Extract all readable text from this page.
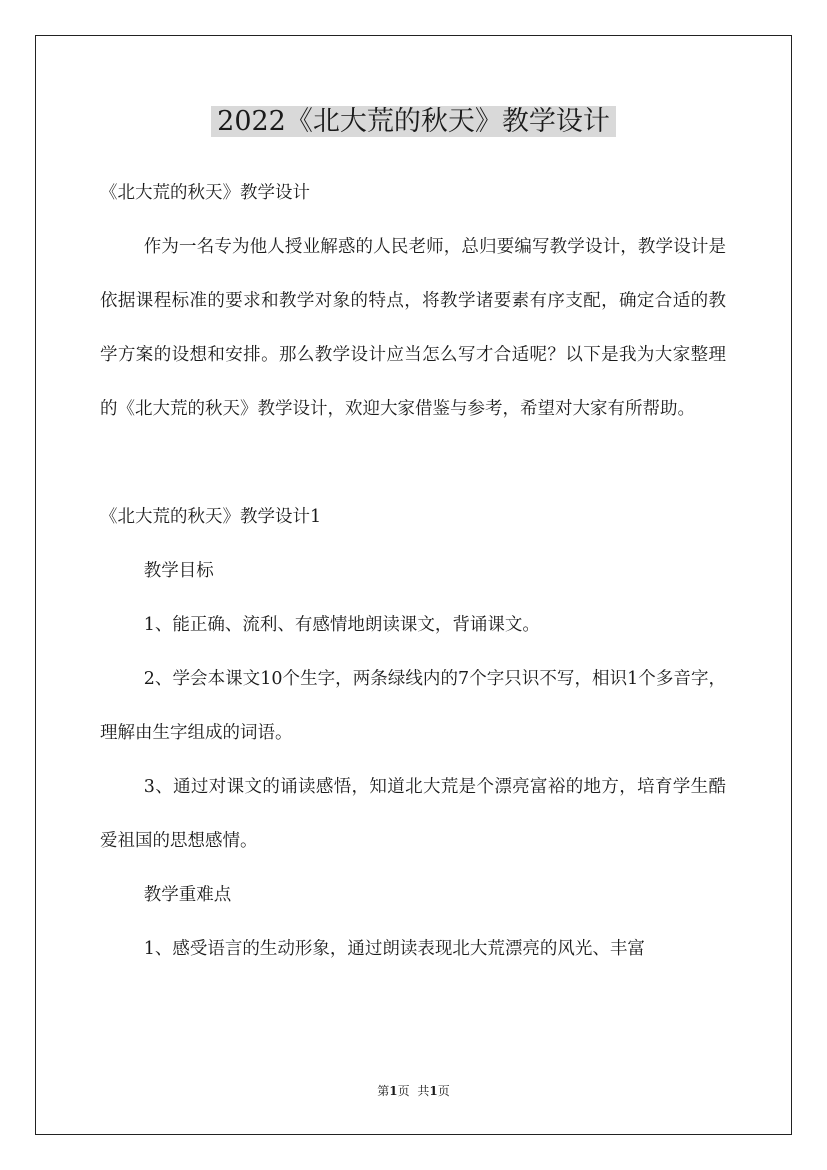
2022《北大荒的秋天》教学设计

《北大荒的秋天》教学设计

作为一名专为他人授业解惑的人民老师，总归要编写教学设计，教学设计是依据课程标准的要求和教学对象的特点，将教学诸要素有序支配，确定合适的教学方案的设想和安排。那么教学设计应当怎么写才合适呢？以下是我为大家整理的《北大荒的秋天》教学设计，欢迎大家借鉴与参考，希望对大家有所帮助。

《北大荒的秋天》教学设计1

教学目标

1、能正确、流利、有感情地朗读课文，背诵课文。

2、学会本课文10个生字，两条绿线内的7个字只识不写，相识1个多音字，理解由生字组成的词语。

3、通过对课文的诵读感悟，知道北大荒是个漂亮富裕的地方，培育学生酷爱祖国的思想感情。

教学重难点

1、感受语言的生动形象，通过朗读表现北大荒漂亮的风光、丰富

第1页 共1页
